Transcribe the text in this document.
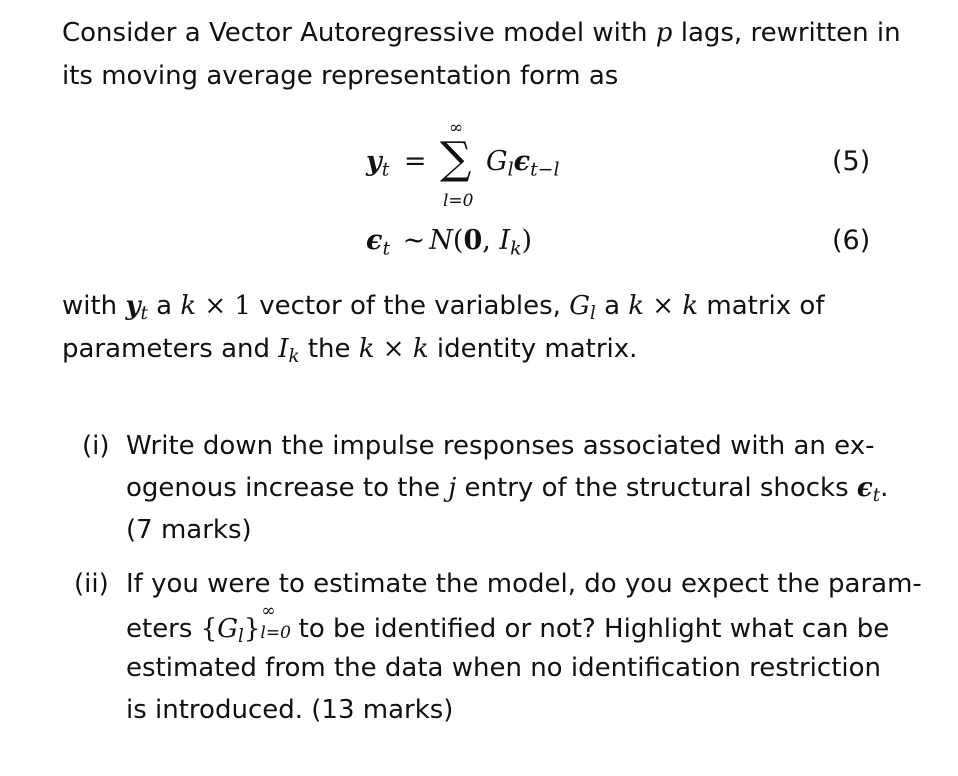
Consider a Vector Autoregressive model with p lags, rewritten in
its moving average representation form as
$y_t$ =
∞
∑
l=0
$G_l\epsilon_{t-l}$	(5)
$\epsilon_t$ ∼ N(0, $I_k$)	(6)
with $y_t$ a k × 1 vector of the variables, $G_l$ a k × k matrix of
parameters and $I_k$ the k × k identity matrix.
(i) Write down the impulse responses associated with an ex-
ogenous increase to the j entry of the structural shocks $\epsilon_t$.
(7 marks)
(ii) If you were to estimate the model, do you expect the param-
eters $\{G_l\}$
∞
l=0 to be identified or not? Highlight what can be
estimated from the data when no identification restriction
is introduced. (13 marks)
